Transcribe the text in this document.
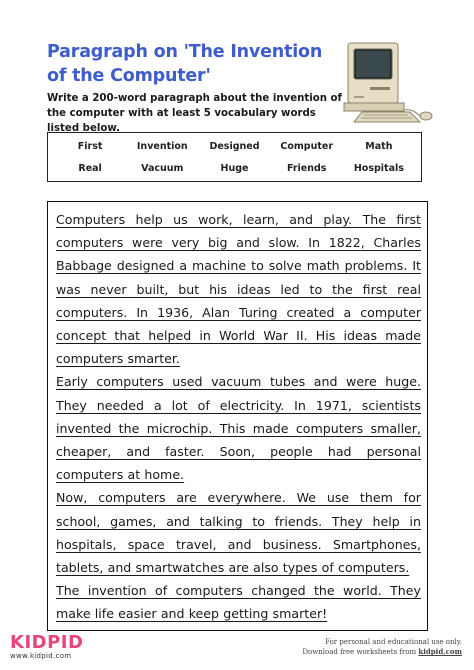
Paragraph on 'The Invention of the Computer'
Write a 200-word paragraph about the invention of the computer with at least 5 vocabulary words listed below.
First	Invention	Designed	Computer	Math
Real	Vacuum	Huge	Friends	Hospitals

Computers help us work, learn, and play. The first computers were very big and slow. In 1822, Charles Babbage designed a machine to solve math problems. It was never built, but his ideas led to the first real computers. In 1936, Alan Turing created a computer concept that helped in World War II. His ideas made computers smarter.

Early computers used vacuum tubes and were huge. They needed a lot of electricity. In 1971, scientists invented the microchip. This made computers smaller, cheaper, and faster. Soon, people had personal computers at home.

Now, computers are everywhere. We use them for school, games, and talking to friends. They help in hospitals, space travel, and business. Smartphones, tablets, and smartwatches are also types of computers.

The invention of computers changed the world. They make life easier and keep getting smarter!

KIDPID
www.kidpid.com
For personal and educational use only.
Download free worksheets from kidpid.com
